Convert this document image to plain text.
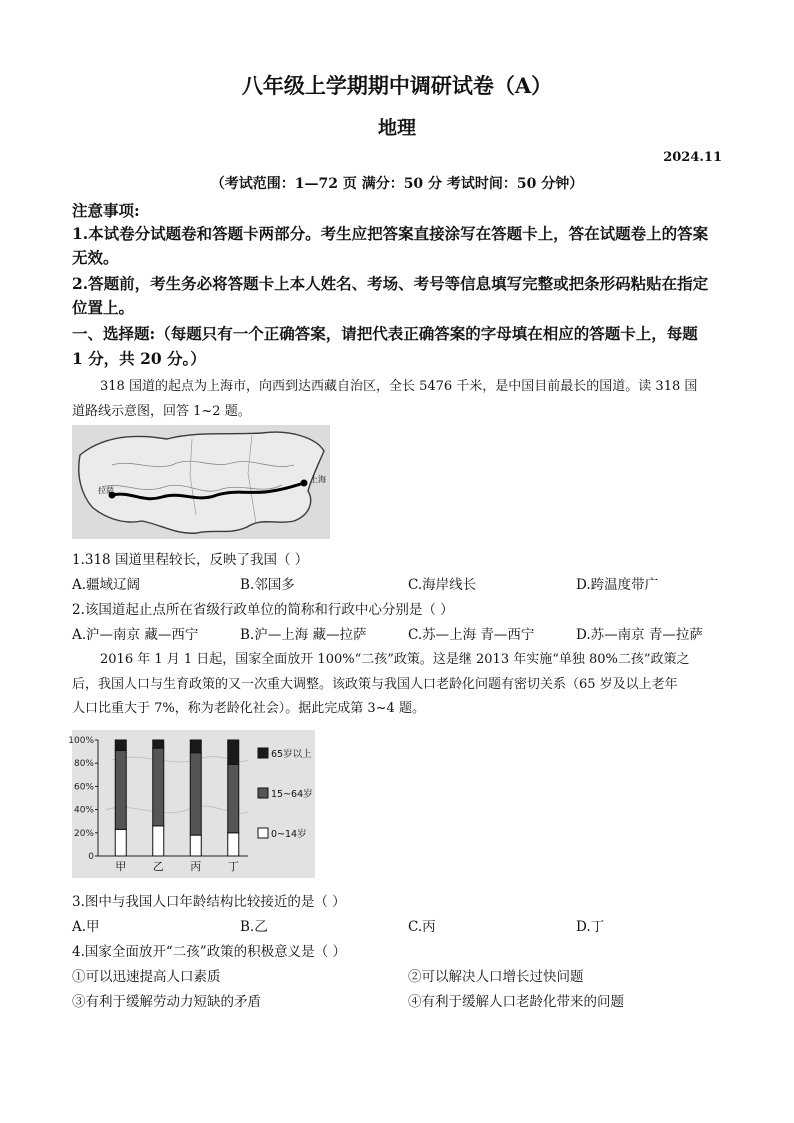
八年级上学期期中调研试卷（A）
地理
2024.11
（考试范围：1—72 页 满分：50 分 考试时间：50 分钟）
注意事项:
1.本试卷分试题卷和答题卡两部分。考生应把答案直接涂写在答题卡上，答在试题卷上的答案
无效。
2.答题前，考生务必将答题卡上本人姓名、考场、考号等信息填写完整或把条形码粘贴在指定
位置上。
一、选择题:（每题只有一个正确答案，请把代表正确答案的字母填在相应的答题卡上，每题
1 分，共 20 分。）
318 国道的起点为上海市，向西到达西藏自治区，全长 5476 千米，是中国目前最长的国道。读 318 国
道路线示意图，回答 1~2 题。
上海
拉萨
1.318 国道里程较长，反映了我国（ ）
A.疆域辽阔	B.邻国多	C.海岸线长	D.跨温度带广
2.该国道起止点所在省级行政单位的简称和行政中心分别是（ ）
A.沪—南京 藏—西宁	B.沪—上海 藏—拉萨	C.苏—上海 青—西宁	D.苏—南京 青—拉萨
2016 年 1 月 1 日起，国家全面放开 100%“二孩”政策。这是继 2013 年实施“单独 80%二孩”政策之
后，我国人口与生育政策的又一次重大调整。该政策与我国人口老龄化问题有密切关系（65 岁及以上老年
人口比重大于 7%，称为老龄化社会）。据此完成第 3~4 题。
100%
80%
60%
40%
20%
0
甲 乙 丙 丁
65岁以上
15~64岁
0~14岁
3.图中与我国人口年龄结构比较接近的是（ ）
A.甲	B.乙	C.丙	D.丁
4.国家全面放开“二孩”政策的积极意义是（ ）
①可以迅速提高人口素质	②可以解决人口增长过快问题
③有利于缓解劳动力短缺的矛盾	④有利于缓解人口老龄化带来的问题
